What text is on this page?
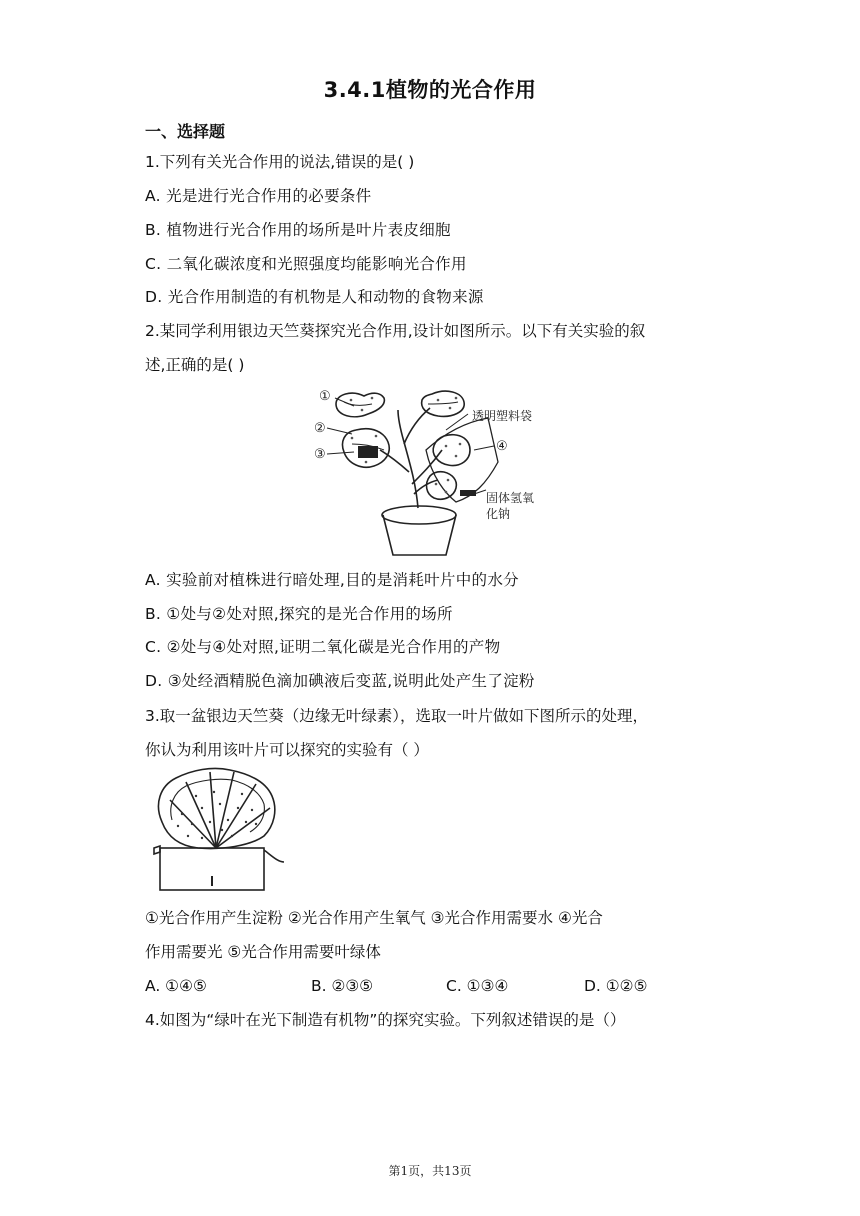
3.4.1植物的光合作用
一、选择题
1.下列有关光合作用的说法,错误的是( )
A. 光是进行光合作用的必要条件
B. 植物进行光合作用的场所是叶片表皮细胞
C. 二氧化碳浓度和光照强度均能影响光合作用
D. 光合作用制造的有机物是人和动物的食物来源
2.某同学利用银边天竺葵探究光合作用,设计如图所示。以下有关实验的叙
述,正确的是( )
①
②
③
④
透明塑料袋
固体氢氧
化钠
A. 实验前对植株进行暗处理,目的是消耗叶片中的水分
B. ①处与②处对照,探究的是光合作用的场所
C. ②处与④处对照,证明二氧化碳是光合作用的产物
D. ③处经酒精脱色滴加碘液后变蓝,说明此处产生了淀粉
3.取一盆银边天竺葵（边缘无叶绿素），选取一叶片做如下图所示的处理，
你认为利用该叶片可以探究的实验有（ ）
①光合作用产生淀粉 ②光合作用产生氧气 ③光合作用需要水 ④光合
作用需要光 ⑤光合作用需要叶绿体
A. ①④⑤	B. ②③⑤	C. ①③④	D. ①②⑤
4.如图为“绿叶在光下制造有机物”的探究实验。下列叙述错误的是（）
第1页，共13页
